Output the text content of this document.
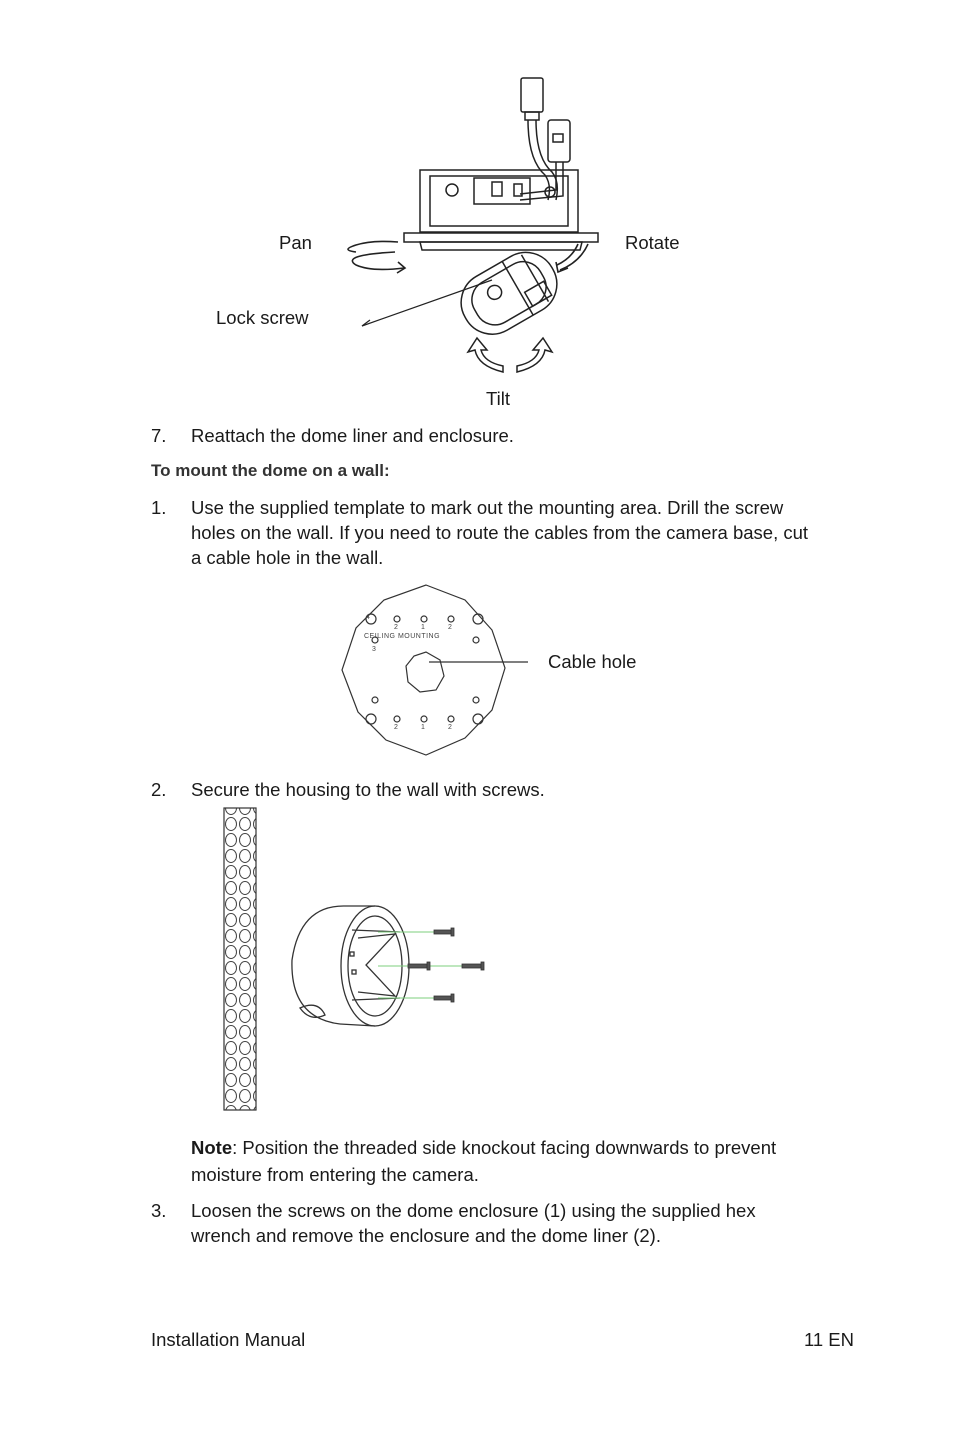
Pan	Rotate
Lock screw
Tilt
7. Reattach the dome liner and enclosure.
To mount the dome on a wall:
1. Use the supplied template to mark out the mounting area. Drill the screw
holes on the wall. If you need to route the cables from the camera base, cut
a cable hole in the wall.
CEILING MOUNTING
2	1	2
2	1	2
3
4
Cable hole
2. Secure the housing to the wall with screws.
Note: Position the threaded side knockout facing downwards to prevent
moisture from entering the camera.
3. Loosen the screws on the dome enclosure (1) using the supplied hex
wrench and remove the enclosure and the dome liner (2).
Installation Manual	11 EN
